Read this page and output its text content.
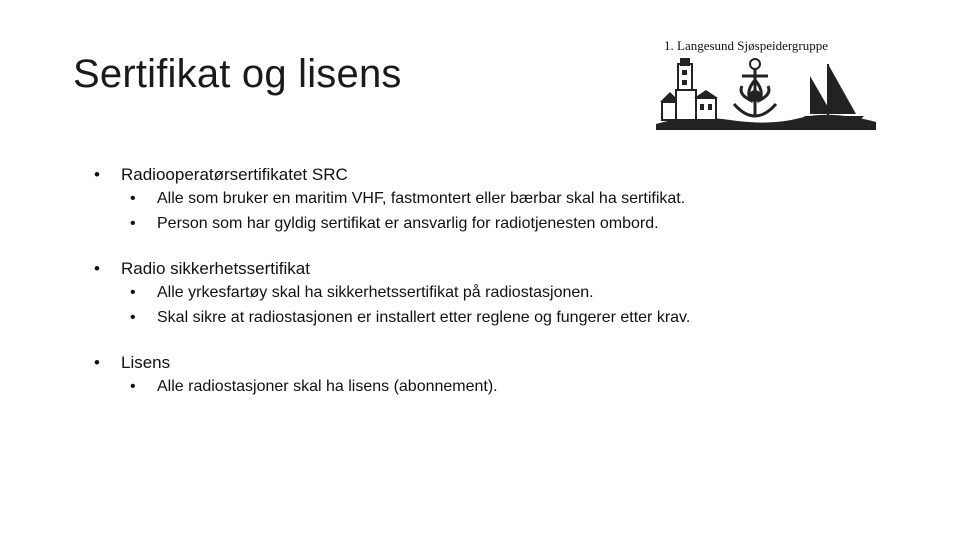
Sertifikat og lisens
1. Langesund Sjøspeidergruppe
• Radiooperatørsertifikatet SRC
• Alle som bruker en maritim VHF, fastmontert eller bærbar skal ha sertifikat.
• Person som har gyldig sertifikat er ansvarlig for radiotjenesten ombord.
• Radio sikkerhetssertifikat
• Alle yrkesfartøy skal ha sikkerhetssertifikat på radiostasjonen.
• Skal sikre at radiostasjonen er installert etter reglene og fungerer etter krav.
• Lisens
• Alle radiostasjoner skal ha lisens (abonnement).
